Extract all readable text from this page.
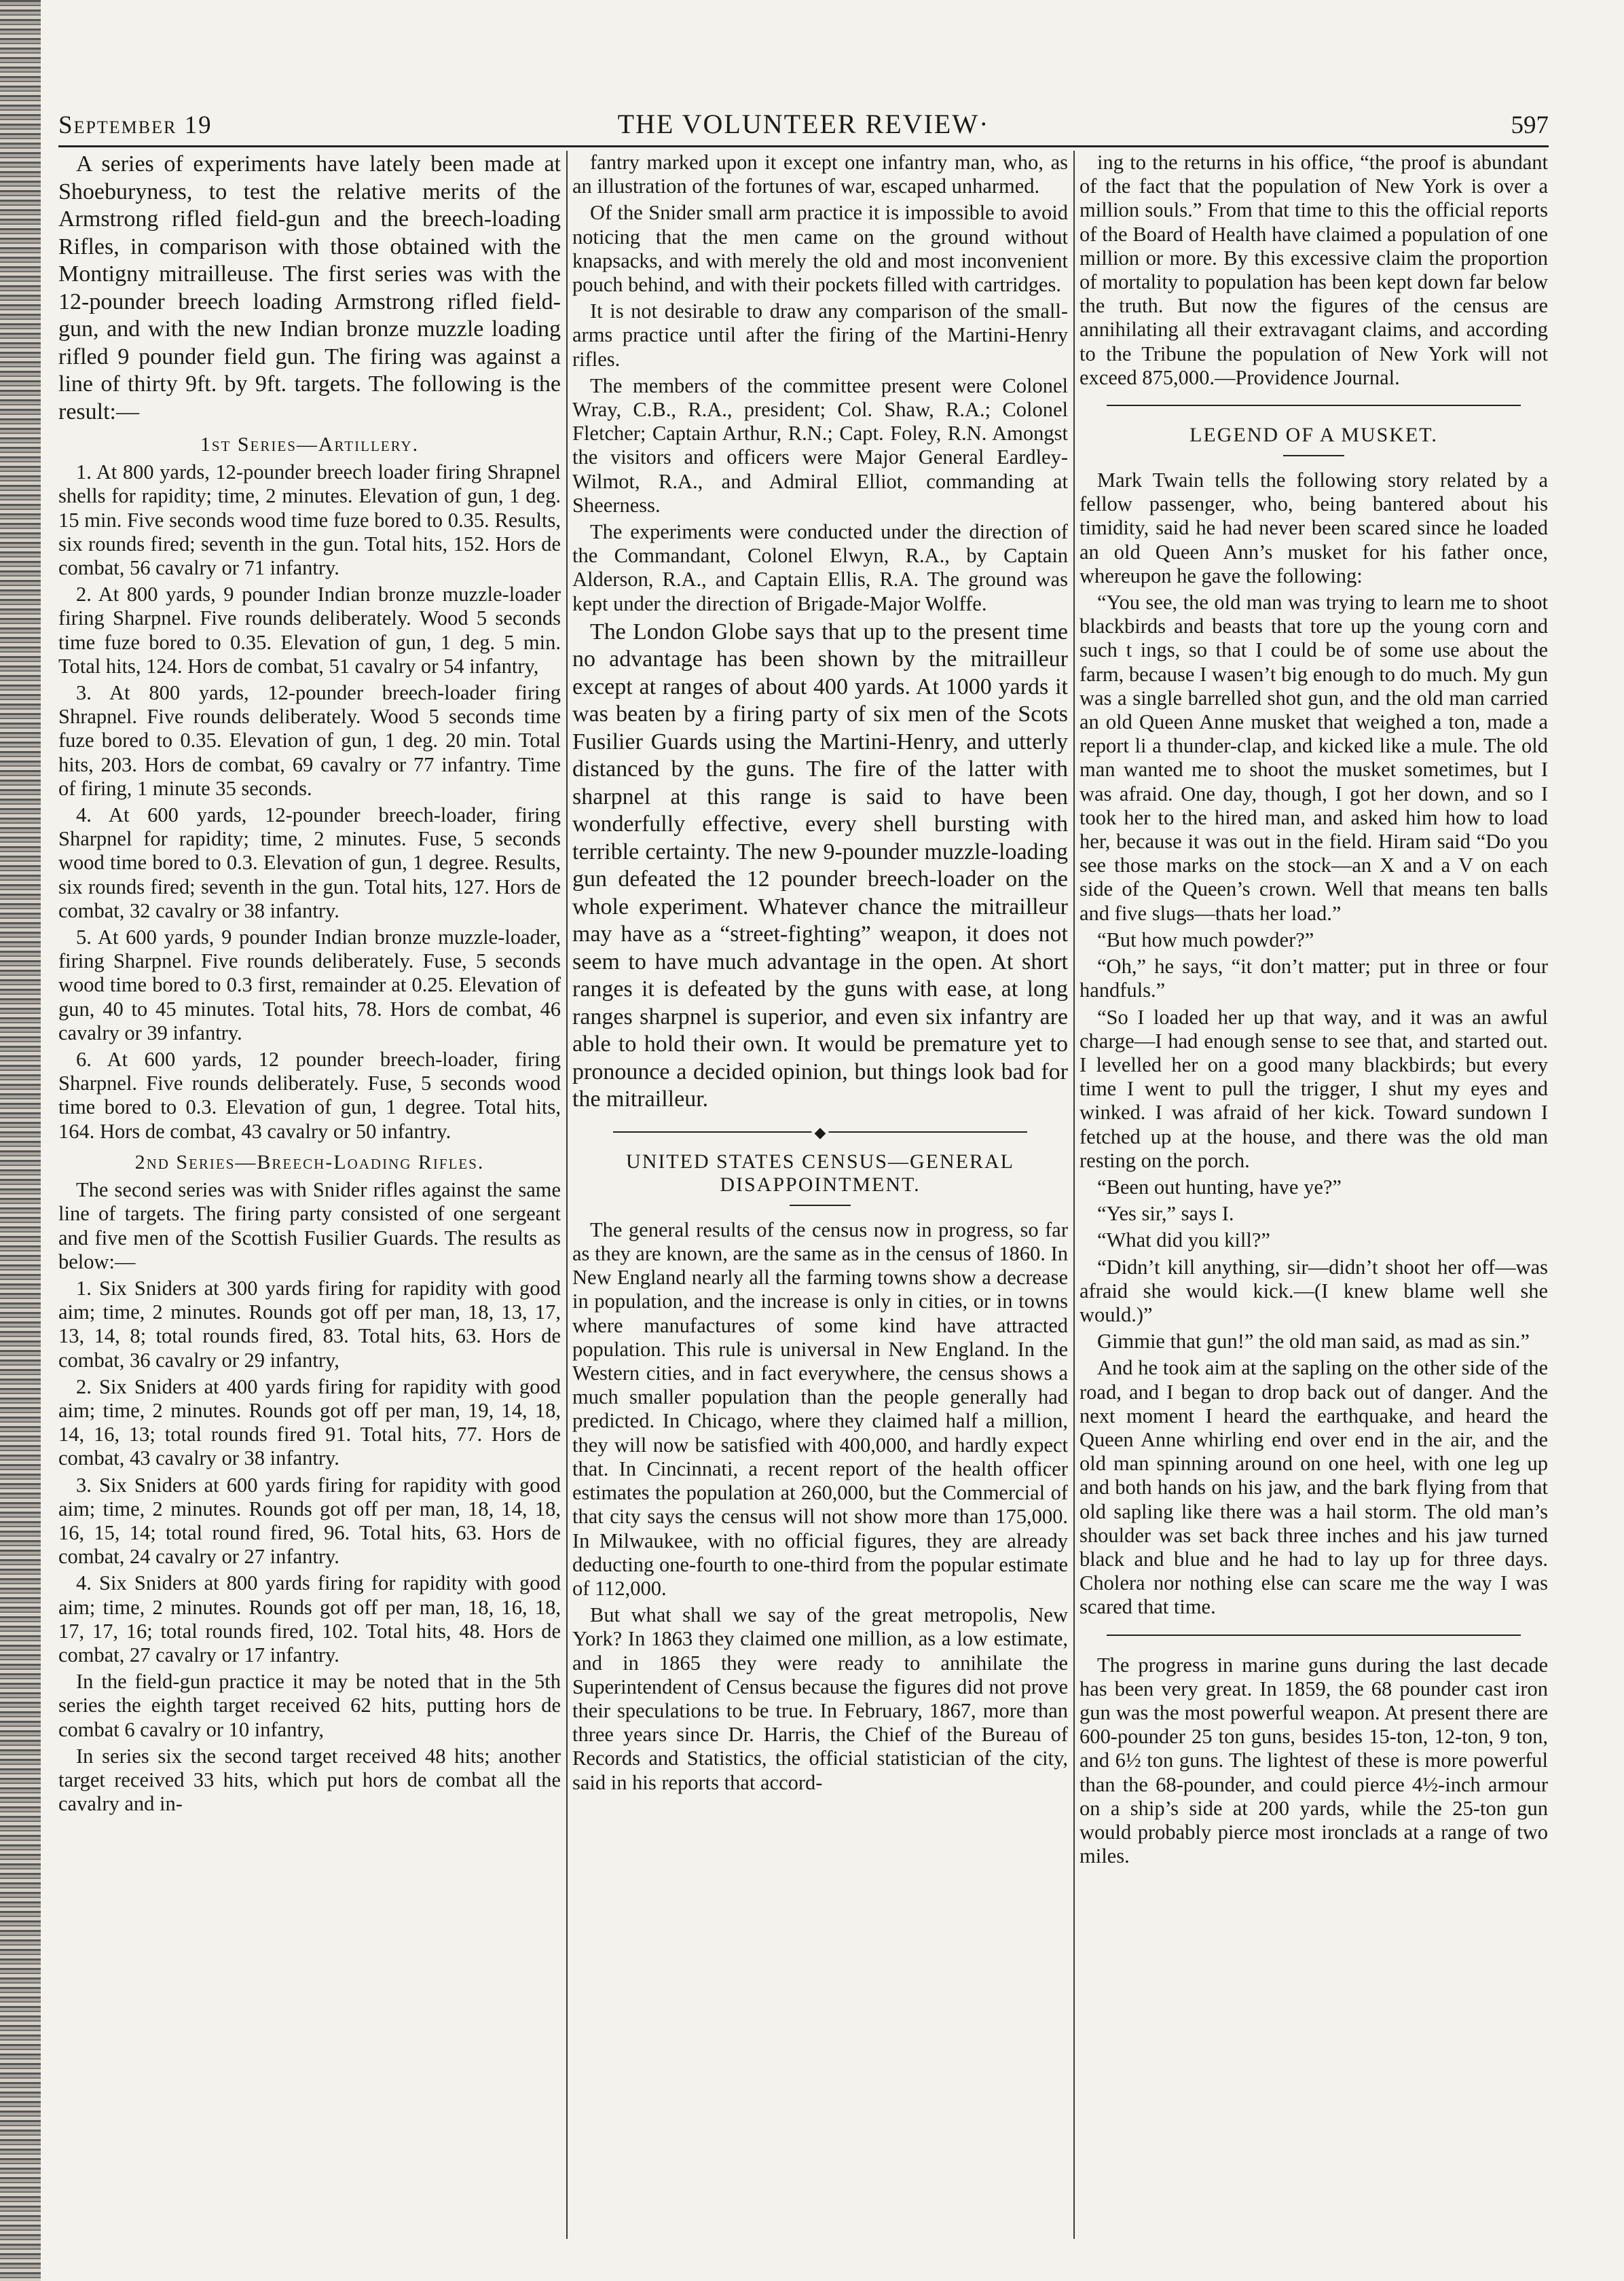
September 19	THE VOLUNTEER REVIEW·	597

A series of experiments have lately been made at Shoeburyness, to test the relative merits of the Armstrong rifled field-gun and the breech-loading Rifles, in comparison with those obtained with the Montigny mitrailleuse. The first series was with the 12-pounder breech loading Armstrong rifled field-gun, and with the new Indian bronze muzzle loading rifled 9 pounder field gun. The firing was against a line of thirty 9ft. by 9ft. targets. The following is the result:—

1st Series—Artillery.

1. At 800 yards, 12-pounder breech loader firing Shrapnel shells for rapidity; time, 2 minutes. Elevation of gun, 1 deg. 15 min. Five seconds wood time fuze bored to 0.35. Results, six rounds fired; seventh in the gun. Total hits, 152. Hors de combat, 56 cavalry or 71 infantry.

2. At 800 yards, 9 pounder Indian bronze muzzle-loader firing Sharpnel. Five rounds deliberately. Wood 5 seconds time fuze bored to 0.35. Elevation of gun, 1 deg. 5 min. Total hits, 124. Hors de combat, 51 cavalry or 54 infantry,

3. At 800 yards, 12-pounder breech-loader firing Shrapnel. Five rounds deliberately. Wood 5 seconds time fuze bored to 0.35. Elevation of gun, 1 deg. 20 min. Total hits, 203. Hors de combat, 69 cavalry or 77 infantry. Time of firing, 1 minute 35 seconds.

4. At 600 yards, 12-pounder breech-loader, firing Sharpnel for rapidity; time, 2 minutes. Fuse, 5 seconds wood time bored to 0.3. Elevation of gun, 1 degree. Results, six rounds fired; seventh in the gun. Total hits, 127. Hors de combat, 32 cavalry or 38 infantry.

5. At 600 yards, 9 pounder Indian bronze muzzle-loader, firing Sharpnel. Five rounds deliberately. Fuse, 5 seconds wood time bored to 0.3 first, remainder at 0.25. Elevation of gun, 40 to 45 minutes. Total hits, 78. Hors de combat, 46 cavalry or 39 infantry.

6. At 600 yards, 12 pounder breech-loader, firing Sharpnel. Five rounds deliberately. Fuse, 5 seconds wood time bored to 0.3. Elevation of gun, 1 degree. Total hits, 164. Hors de combat, 43 cavalry or 50 infantry.

2nd Series—Breech-Loading Rifles.

The second series was with Snider rifles against the same line of targets. The firing party consisted of one sergeant and five men of the Scottish Fusilier Guards. The results as below:—

1. Six Sniders at 300 yards firing for rapidity with good aim; time, 2 minutes. Rounds got off per man, 18, 13, 17, 13, 14, 8; total rounds fired, 83. Total hits, 63. Hors de combat, 36 cavalry or 29 infantry,

2. Six Sniders at 400 yards firing for rapidity with good aim; time, 2 minutes. Rounds got off per man, 19, 14, 18, 14, 16, 13; total rounds fired 91. Total hits, 77. Hors de combat, 43 cavalry or 38 infantry.

3. Six Sniders at 600 yards firing for rapidity with good aim; time, 2 minutes. Rounds got off per man, 18, 14, 18, 16, 15, 14; total round fired, 96. Total hits, 63. Hors de combat, 24 cavalry or 27 infantry.

4. Six Sniders at 800 yards firing for rapidity with good aim; time, 2 minutes. Rounds got off per man, 18, 16, 18, 17, 17, 16; total rounds fired, 102. Total hits, 48. Hors de combat, 27 cavalry or 17 infantry.

In the field-gun practice it may be noted that in the 5th series the eighth target received 62 hits, putting hors de combat 6 cavalry or 10 infantry,

In series six the second target received 48 hits; another target received 33 hits, which put hors de combat all the cavalry and in-

fantry marked upon it except one infantry man, who, as an illustration of the fortunes of war, escaped unharmed.

Of the Snider small arm practice it is impossible to avoid noticing that the men came on the ground without knapsacks, and with merely the old and most inconvenient pouch behind, and with their pockets filled with cartridges.

It is not desirable to draw any comparison of the small-arms practice until after the firing of the Martini-Henry rifles.

The members of the committee present were Colonel Wray, C.B., R.A., president; Col. Shaw, R.A.; Colonel Fletcher; Captain Arthur, R.N.; Capt. Foley, R.N. Amongst the visitors and officers were Major General Eardley-Wilmot, R.A., and Admiral Elliot, commanding at Sheerness.

The experiments were conducted under the direction of the Commandant, Colonel Elwyn, R.A., by Captain Alderson, R.A., and Captain Ellis, R.A. The ground was kept under the direction of Brigade-Major Wolffe.

The London Globe says that up to the present time no advantage has been shown by the mitrailleur except at ranges of about 400 yards. At 1000 yards it was beaten by a firing party of six men of the Scots Fusilier Guards using the Martini-Henry, and utterly distanced by the guns. The fire of the latter with sharpnel at this range is said to have been wonderfully effective, every shell bursting with terrible certainty. The new 9-pounder muzzle-loading gun defeated the 12 pounder breech-loader on the whole experiment. Whatever chance the mitrailleur may have as a “street-fighting” weapon, it does not seem to have much advantage in the open. At short ranges it is defeated by the guns with ease, at long ranges sharpnel is superior, and even six infantry are able to hold their own. It would be premature yet to pronounce a decided opinion, but things look bad for the mitrailleur.

◆
UNITED STATES CENSUS—GENERAL DISAPPOINTMENT.

The general results of the census now in progress, so far as they are known, are the same as in the census of 1860. In New England nearly all the farming towns show a decrease in population, and the increase is only in cities, or in towns where manufactures of some kind have attracted population. This rule is universal in New England. In the Western cities, and in fact everywhere, the census shows a much smaller population than the people generally had predicted. In Chicago, where they claimed half a million, they will now be satisfied with 400,000, and hardly expect that. In Cincinnati, a recent report of the health officer estimates the population at 260,000, but the Commercial of that city says the census will not show more than 175,000. In Milwaukee, with no official figures, they are already deducting one-fourth to one-third from the popular estimate of 112,000.

But what shall we say of the great metropolis, New York? In 1863 they claimed one million, as a low estimate, and in 1865 they were ready to annihilate the Superintendent of Census because the figures did not prove their speculations to be true. In February, 1867, more than three years since Dr. Harris, the Chief of the Bureau of Records and Statistics, the official statistician of the city, said in his reports that accord-

ing to the returns in his office, “the proof is abundant of the fact that the population of New York is over a million souls.” From that time to this the official reports of the Board of Health have claimed a population of one million or more. By this excessive claim the proportion of mortality to population has been kept down far below the truth. But now the figures of the census are annihilating all their extravagant claims, and according to the Tribune the population of New York will not exceed 875,000.—Providence Journal.

LEGEND OF A MUSKET.

Mark Twain tells the following story related by a fellow passenger, who, being bantered about his timidity, said he had never been scared since he loaded an old Queen Ann’s musket for his father once, whereupon he gave the following:

“You see, the old man was trying to learn me to shoot blackbirds and beasts that tore up the young corn and such t ings, so that I could be of some use about the farm, because I wasen’t big enough to do much. My gun was a single barrelled shot gun, and the old man carried an old Queen Anne musket that weighed a ton, made a report li a thunder-clap, and kicked like a mule. The old man wanted me to shoot the musket sometimes, but I was afraid. One day, though, I got her down, and so I took her to the hired man, and asked him how to load her, because it was out in the field. Hiram said “Do you see those marks on the stock—an X and a V on each side of the Queen’s crown. Well that means ten balls and five slugs—thats her load.”

“But how much powder?”

“Oh,” he says, “it don’t matter; put in three or four handfuls.”

“So I loaded her up that way, and it was an awful charge—I had enough sense to see that, and started out. I levelled her on a good many blackbirds; but every time I went to pull the trigger, I shut my eyes and winked. I was afraid of her kick. Toward sundown I fetched up at the house, and there was the old man resting on the porch.

“Been out hunting, have ye?”

“Yes sir,” says I.

“What did you kill?”

“Didn’t kill anything, sir—didn’t shoot her off—was afraid she would kick.—(I knew blame well she would.)”

Gimmie that gun!” the old man said, as mad as sin.”

And he took aim at the sapling on the other side of the road, and I began to drop back out of danger. And the next moment I heard the earthquake, and heard the Queen Anne whirling end over end in the air, and the old man spinning around on one heel, with one leg up and both hands on his jaw, and the bark flying from that old sapling like there was a hail storm. The old man’s shoulder was set back three inches and his jaw turned black and blue and he had to lay up for three days. Cholera nor nothing else can scare me the way I was scared that time.

The progress in marine guns during the last decade has been very great. In 1859, the 68 pounder cast iron gun was the most powerful weapon. At present there are 600-pounder 25 ton guns, besides 15-ton, 12-ton, 9 ton, and 6½ ton guns. The lightest of these is more powerful than the 68-pounder, and could pierce 4½-inch armour on a ship’s side at 200 yards, while the 25-ton gun would probably pierce most ironclads at a range of two miles.
